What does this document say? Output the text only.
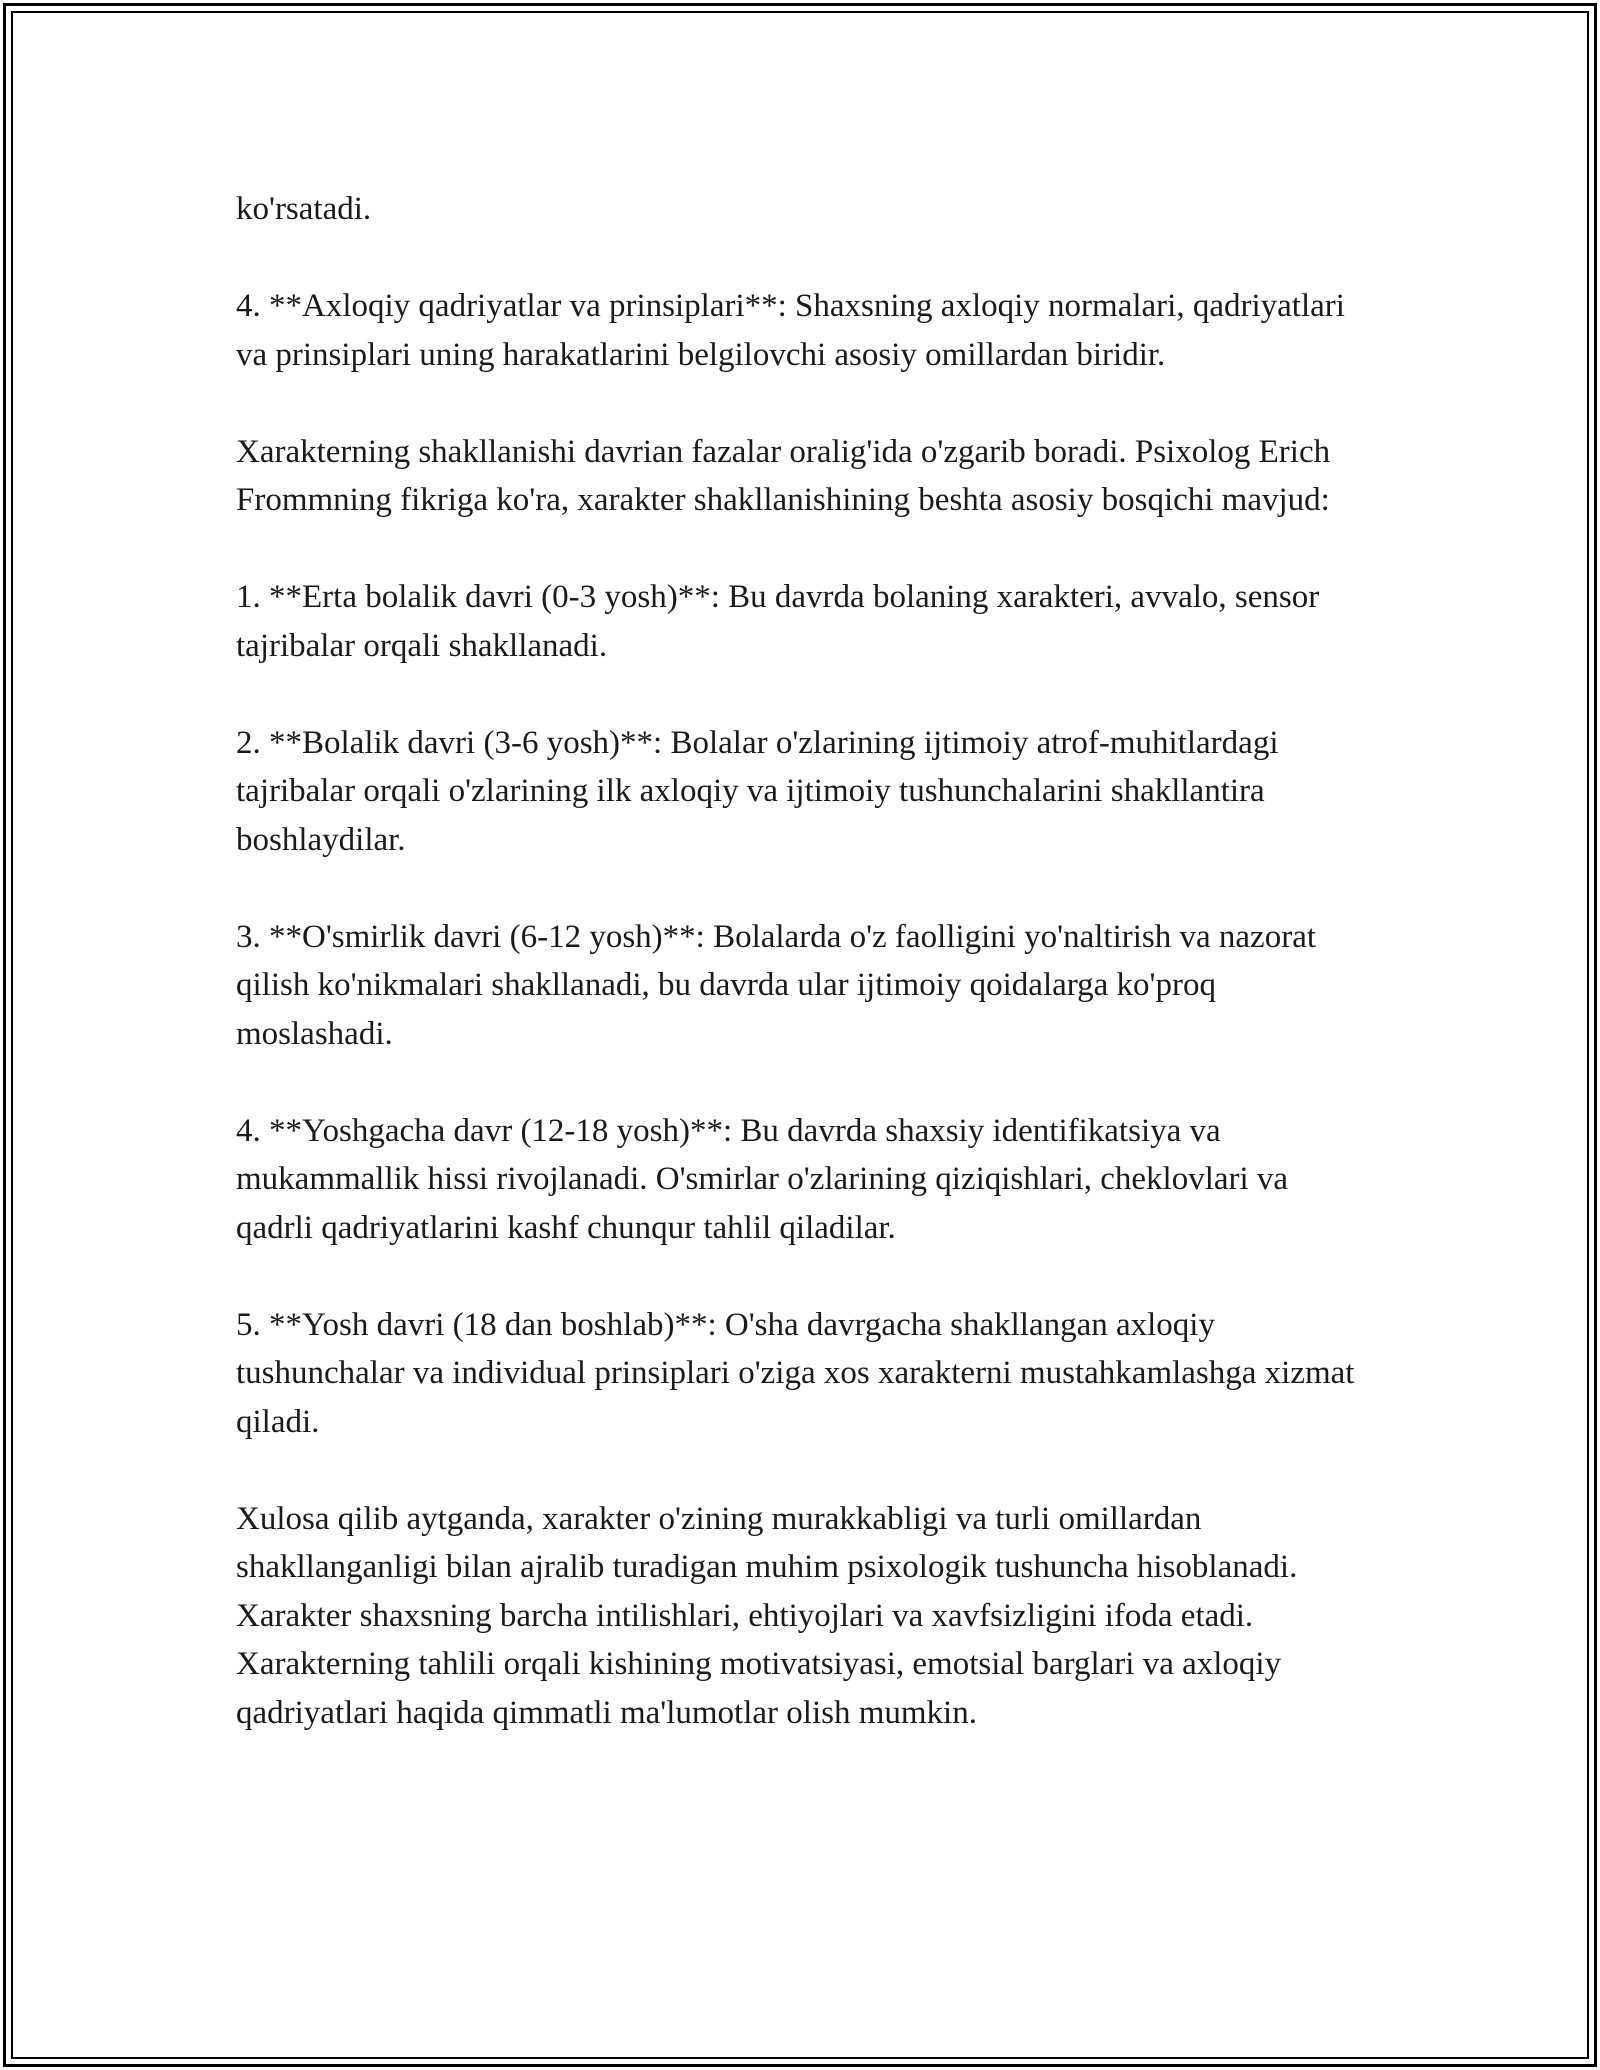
ko'rsatadi.

4. **Axloqiy qadriyatlar va prinsiplari**: Shaxsning axloqiy normalari, qadriyatlari va prinsiplari uning harakatlarini belgilovchi asosiy omillardan biridir.

Xarakterning shakllanishi davrian fazalar oralig'ida o'zgarib boradi. Psixolog Erich Frommning fikriga ko'ra, xarakter shakllanishining beshta asosiy bosqichi mavjud:

1. **Erta bolalik davri (0-3 yosh)**: Bu davrda bolaning xarakteri, avvalo, sensor tajribalar orqali shakllanadi.

2. **Bolalik davri (3-6 yosh)**: Bolalar o'zlarining ijtimoiy atrof-muhitlardagi tajribalar orqali o'zlarining ilk axloqiy va ijtimoiy tushunchalarini shakllantira boshlaydilar.

3. **O'smirlik davri (6-12 yosh)**: Bolalarda o'z faolligini yo'naltirish va nazorat qilish ko'nikmalari shakllanadi, bu davrda ular ijtimoiy qoidalarga ko'proq moslashadi.

4. **Yoshgacha davr (12-18 yosh)**: Bu davrda shaxsiy identifikatsiya va mukammallik hissi rivojlanadi. O'smirlar o'zlarining qiziqishlari, cheklovlari va qadrli qadriyatlarini kashf chunqur tahlil qiladilar.

5. **Yosh davri (18 dan boshlab)**: O'sha davrgacha shakllangan axloqiy tushunchalar va individual prinsiplari o'ziga xos xarakterni mustahkamlashga xizmat qiladi.

Xulosa qilib aytganda, xarakter o'zining murakkabligi va turli omillardan shakllanganligi bilan ajralib turadigan muhim psixologik tushuncha hisoblanadi. Xarakter shaxsning barcha intilishlari, ehtiyojlari va xavfsizligini ifoda etadi. Xarakterning tahlili orqali kishining motivatsiyasi, emotsial barglari va axloqiy qadriyatlari haqida qimmatli ma'lumotlar olish mumkin.
